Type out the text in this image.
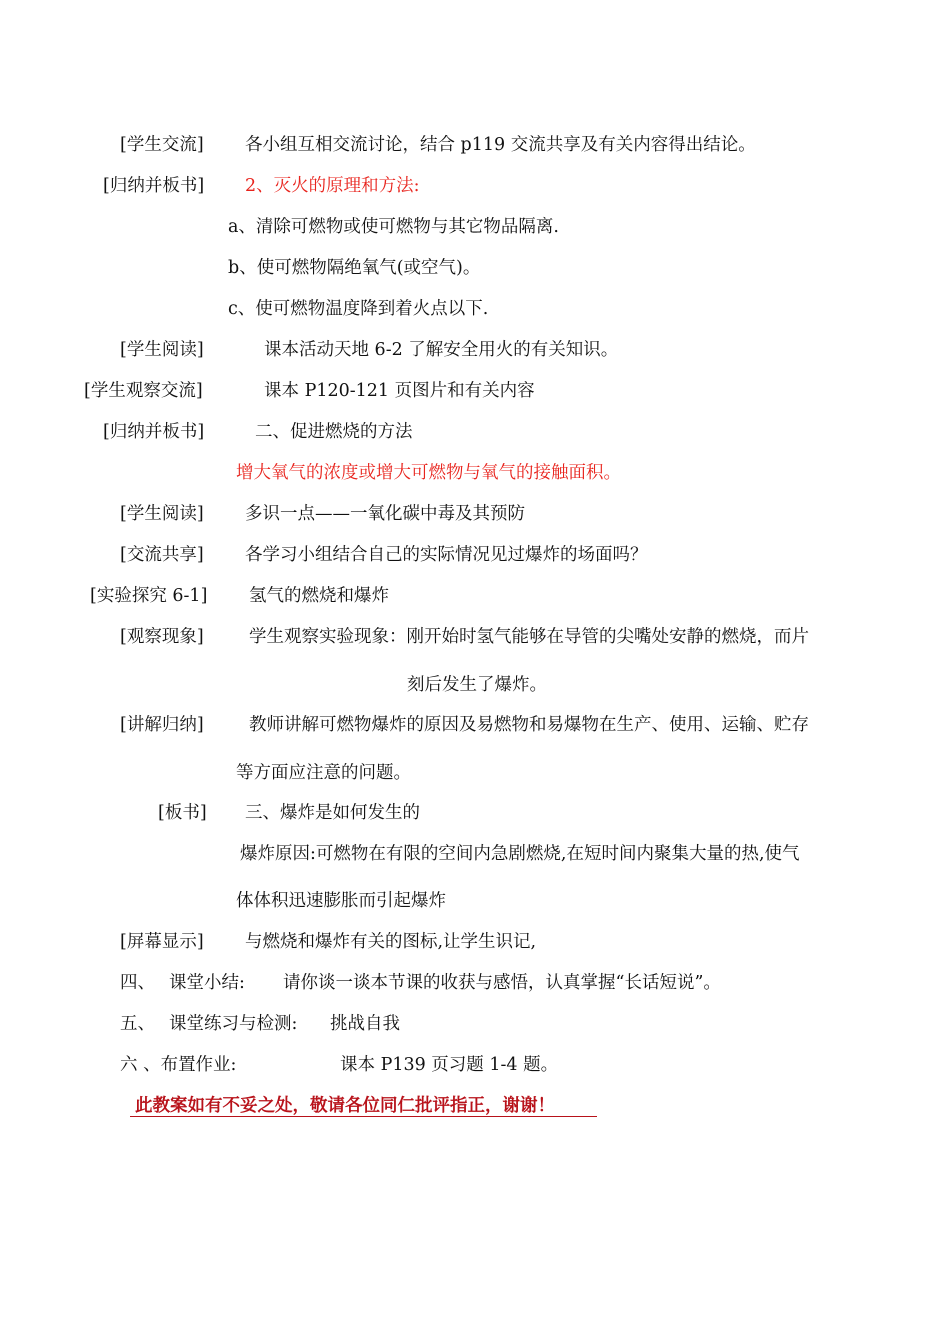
[学生交流] 各小组互相交流讨论，结合 p119 交流共享及有关内容得出结论。
[归纳并板书] 2、灭火的原理和方法:
a、清除可燃物或使可燃物与其它物品隔离.
b、使可燃物隔绝氧气(或空气)。
c、使可燃物温度降到着火点以下.
[学生阅读]	课本活动天地 6-2 了解安全用火的有关知识。
[学生观察交流]	课本 P120-121 页图片和有关内容
[归纳并板书]	二、促进燃烧的方法
增大氧气的浓度或增大可燃物与氧气的接触面积。
[学生阅读] 多识一点——一氧化碳中毒及其预防
[交流共享] 各学习小组结合自己的实际情况见过爆炸的场面吗？
[实验探究 6-1] 氢气的燃烧和爆炸
[观察现象]	学生观察实验现象：刚开始时氢气能够在导管的尖嘴处安静的燃烧，而片
刻后发生了爆炸。
[讲解归纳]	教师讲解可燃物爆炸的原因及易燃物和易爆物在生产、使用、运输、贮存
等方面应注意的问题。
[板书] 三、爆炸是如何发生的
爆炸原因:可燃物在有限的空间内急剧燃烧,在短时间内聚集大量的热,使气
体体积迅速膨胀而引起爆炸
[屏幕显示] 与燃烧和爆炸有关的图标,让学生识记,
四、 课堂小结: 请你谈一谈本节课的收获与感悟，认真掌握“长话短说”。
五、 课堂练习与检测: 挑战自我
六 、布置作业:	课本 P139 页习题 1-4 题。
此教案如有不妥之处，敬请各位同仁批评指正，谢谢！
